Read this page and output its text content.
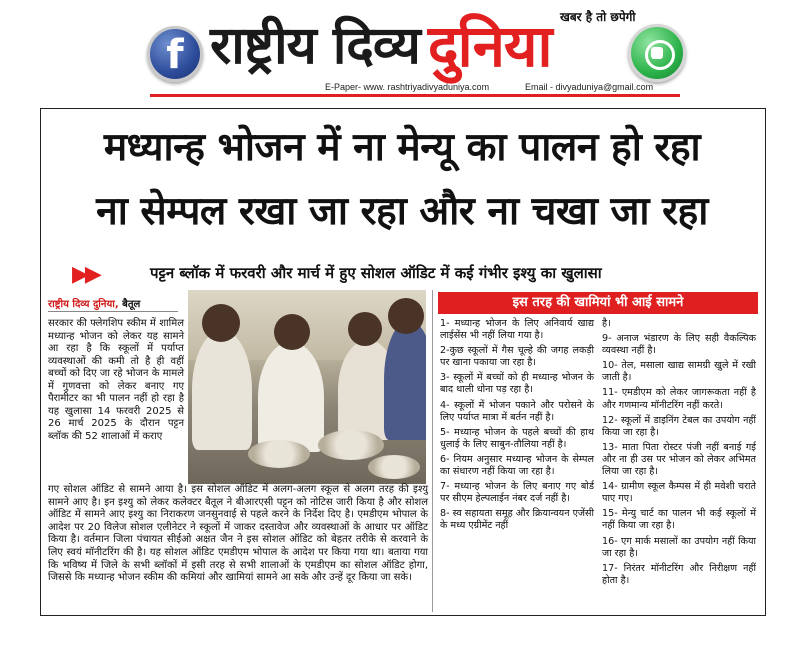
f राष्ट्रीय दिव्य दुनिया खबर है तो छपेगी
E-Paper- www. rashtriyadivyaduniya.com	Email - divyaduniya@gmail.com
मध्यान्ह भोजन में ना मेन्यू का पालन हो रहा
ना सेम्पल रखा जा रहा और ना चखा जा रहा
▶▶	पट्टन ब्लॉक में फरवरी और मार्च में हुए सोशल ऑडिट में कई गंभीर इश्यु का खुलासा
राष्ट्रीय दिव्य दुनिया, बैतूल
सरकार की फ्लेगशिप स्कीम में शामिल मध्यान्ह भोजन को लेकर यह सामने आ रहा है कि स्कूलों में पर्याप्त व्यवस्थाओं की कमी तो है ही वहीं बच्चों को दिए जा रहे भोजन के मामले में गुणवत्ता को लेकर बनाए गए पैरामीटर का भी पालन नहीं हो रहा है यह खुलासा 14 फरवरी 2025 से 26 मार्च 2025 के दौरान पट्टन ब्लॉक की 52 शालाओं में कराए
गए सोशल ऑडिट से सामने आया है। इस सोशल ऑडिट में अलग-अलग स्कूल से अलग तरह की इश्यु सामने आए है। इन इश्यु को लेकर कलेक्टर बैतूल ने बीआरएसी पट्टन को नोटिस जारी किया है और सोशल ऑडिट में सामने आए इश्यु का निराकरण जनसुनवाई से पहले करने के निर्देश दिए है। एमडीएम भोपाल के आदेश पर 20 विलेज सोशल एलीनेटर ने स्कूलों में जाकर दस्तावेज और व्यवस्थाओं के आधार पर ऑडिट किया है। वर्तमान जिला पंचायत सीईओ अक्षत जैन ने इस सोशल ऑडिट को बेहतर तरीके से करवाने के लिए स्वयं मॉनीटरिंग की है। यह सोशल ऑडिट एमडीएम भोपाल के आदेश पर किया गया था। बताया गया कि भविष्य में जिले के सभी ब्लॉकों में इसी तरह से सभी शालाओं के एमडीएम का सोशल ऑडिट होगा, जिससे कि मध्यान्ह भोजन स्कीम की कमियां और खामियां सामने आ सके और उन्हें दूर किया जा सके।
इस तरह की खामियां भी आई सामने

1- मध्यान्ह भोजन के लिए अनिवार्य खाद्य लाईसेंस भी नहीं लिया गया है।

2-कुछ स्कूलों में गैस चूल्हे की जगह लकड़ी पर खाना पकाया जा रहा है।

3- स्कूलों में बच्चों को ही मध्यान्ह भोजन के बाद थाली धोना पड़ रहा है।

4- स्कूलों में भोजन पकाने और परोसने के लिए पर्याप्त मात्रा में बर्तन नहीं है।

5- मध्यान्ह भोजन के पहले बच्चों की हाथ धुलाई के लिए साबुन-तौलिया नहीं है।

6- नियम अनुसार मध्यान्ह भोजन के सेम्पल का संधारण नहीं किया जा रहा है।

7- मध्यान्ह भोजन के लिए बनाए गए बोर्ड पर सीएम हेल्पलाईन नंबर दर्ज नहीं है।

8- स्व सहायता समूह और क्रियान्वयन एजेंसी के मध्य एग्रीमेंट नहीं

है।

9- अनाज भंडारण के लिए सही वैकल्पिक व्यवस्था नहीं है।

10- तेल, मसाला खाद्य सामग्री खुले में रखी जाती है।

11- एमडीएम को लेकर जागरूकता नहीं है और गणमान्य मॉनीटरिंग नहीं करते।

12- स्कूलों में डाइनिंग टेबल का उपयोग नहीं किया जा रहा है।

13- माता पिता रोस्टर पंजी नहीं बनाई गई और ना ही उस पर भोजन को लेकर अभिमत लिया जा रहा है।

14- ग्रामीण स्कूल कैम्पस में ही मवेशी चराते पाए गए।

15- मेन्यु चार्ट का पालन भी कई स्कूलों में नहीं किया जा रहा है।

16- एग मार्क मसालों का उपयोग नहीं किया जा रहा है।

17- निरंतर मॉनीटरिंग और निरीक्षण नहीं होता है।
